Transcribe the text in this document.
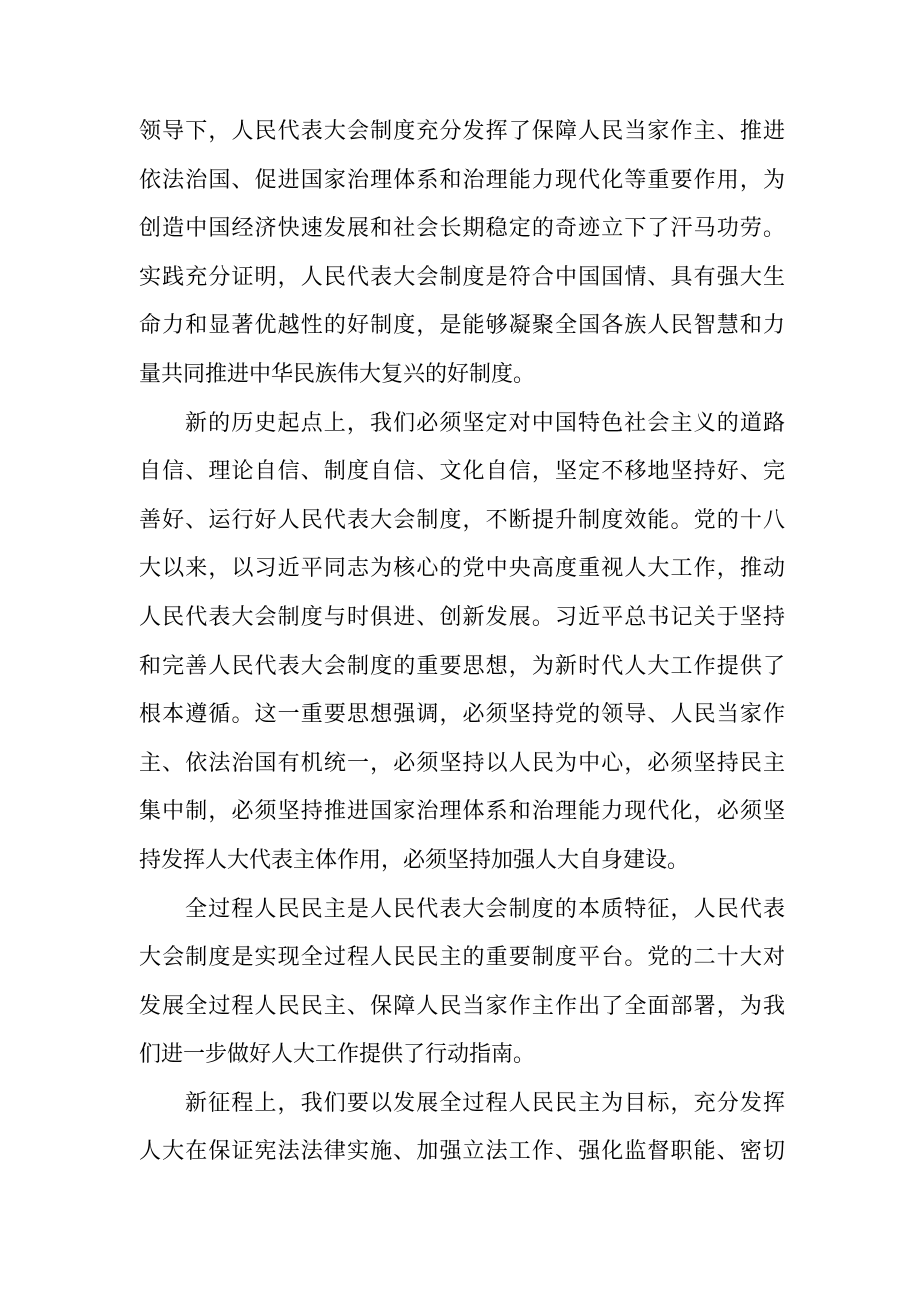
领导下，人民代表大会制度充分发挥了保障人民当家作主、推进
依法治国、促进国家治理体系和治理能力现代化等重要作用，为
创造中国经济快速发展和社会长期稳定的奇迹立下了汗马功劳。
实践充分证明，人民代表大会制度是符合中国国情、具有强大生
命力和显著优越性的好制度，是能够凝聚全国各族人民智慧和力
量共同推进中华民族伟大复兴的好制度。
新的历史起点上，我们必须坚定对中国特色社会主义的道路
自信、理论自信、制度自信、文化自信，坚定不移地坚持好、完
善好、运行好人民代表大会制度，不断提升制度效能。党的十八
大以来，以习近平同志为核心的党中央高度重视人大工作，推动
人民代表大会制度与时俱进、创新发展。习近平总书记关于坚持
和完善人民代表大会制度的重要思想，为新时代人大工作提供了
根本遵循。这一重要思想强调，必须坚持党的领导、人民当家作
主、依法治国有机统一，必须坚持以人民为中心，必须坚持民主
集中制，必须坚持推进国家治理体系和治理能力现代化，必须坚
持发挥人大代表主体作用，必须坚持加强人大自身建设。
全过程人民民主是人民代表大会制度的本质特征，人民代表
大会制度是实现全过程人民民主的重要制度平台。党的二十大对
发展全过程人民民主、保障人民当家作主作出了全面部署，为我
们进一步做好人大工作提供了行动指南。
新征程上，我们要以发展全过程人民民主为目标，充分发挥
人大在保证宪法法律实施、加强立法工作、强化监督职能、密切
